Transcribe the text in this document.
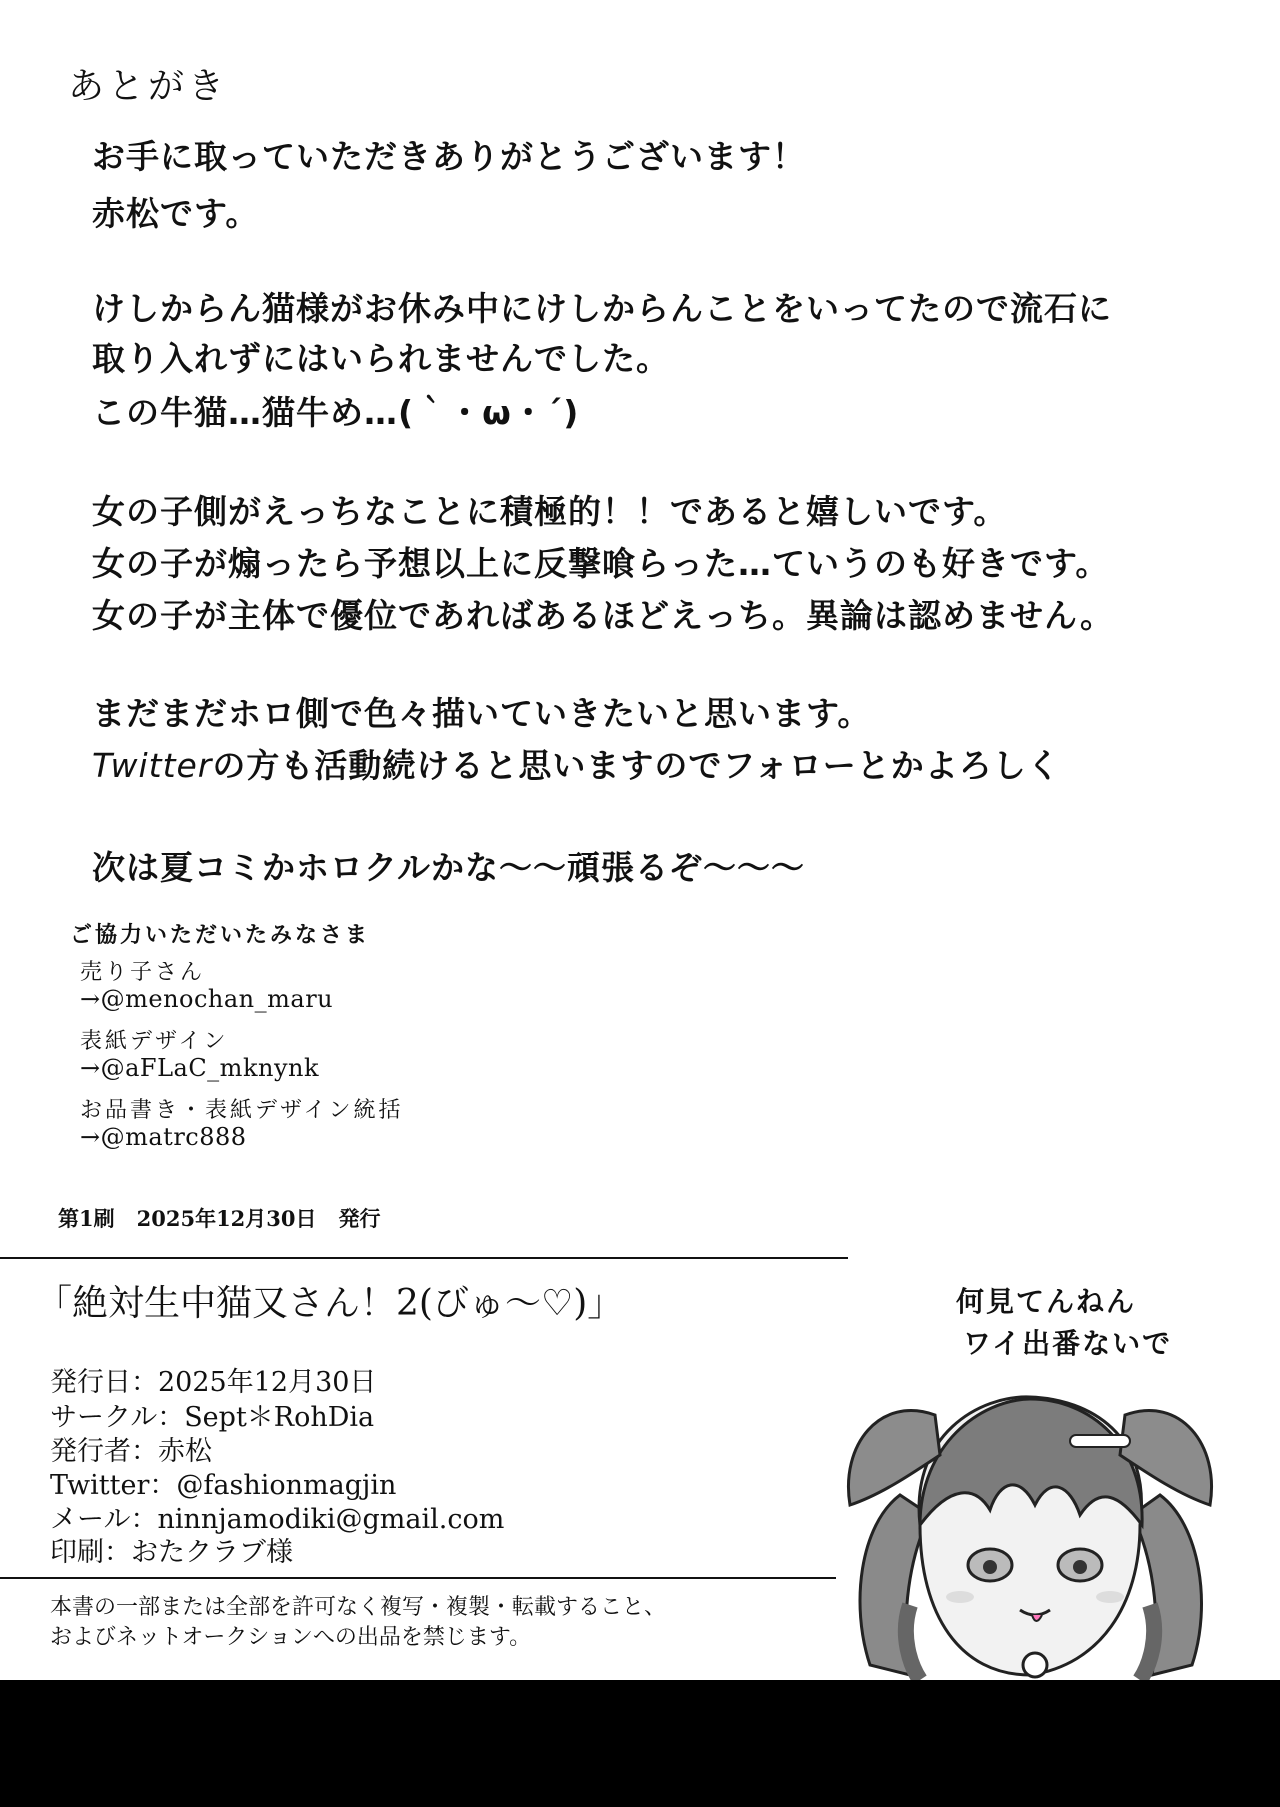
あとがき
お手に取っていただきありがとうございます！
赤松です。
けしからん猫様がお休み中にけしからんことをいってたので流石に
取り入れずにはいられませんでした。
この牛猫…猫牛め…(｀・ω・´)
女の子側がえっちなことに積極的！！であると嬉しいです。
女の子が煽ったら予想以上に反撃喰らった…ていうのも好きです。
女の子が主体で優位であればあるほどえっち。異論は認めません。
まだまだホロ側で色々描いていきたいと思います。
Twitterの方も活動続けると思いますのでフォローとかよろしく
次は夏コミかホロクルかな～～頑張るぞ～～～
ご協力いただいたみなさま
売り子さん
→@menochan_maru
表紙デザイン
→@aFLaC_mknynk
お品書き・表紙デザイン統括
→@matrc888
第1刷 2025年12月30日 発行
「絶対生中猫又さん！2(びゅ～♡)」
発行日：2025年12月30日
サークル：Sept＊RohDia
発行者：赤松
Twitter：@fashionmagjin
メール：ninnjamodiki@gmail.com
印刷：おたクラブ様
本書の一部または全部を許可なく複写・複製・転載すること、
およびネットオークションへの出品を禁じます。
何見てんねん
ワイ出番ないで
